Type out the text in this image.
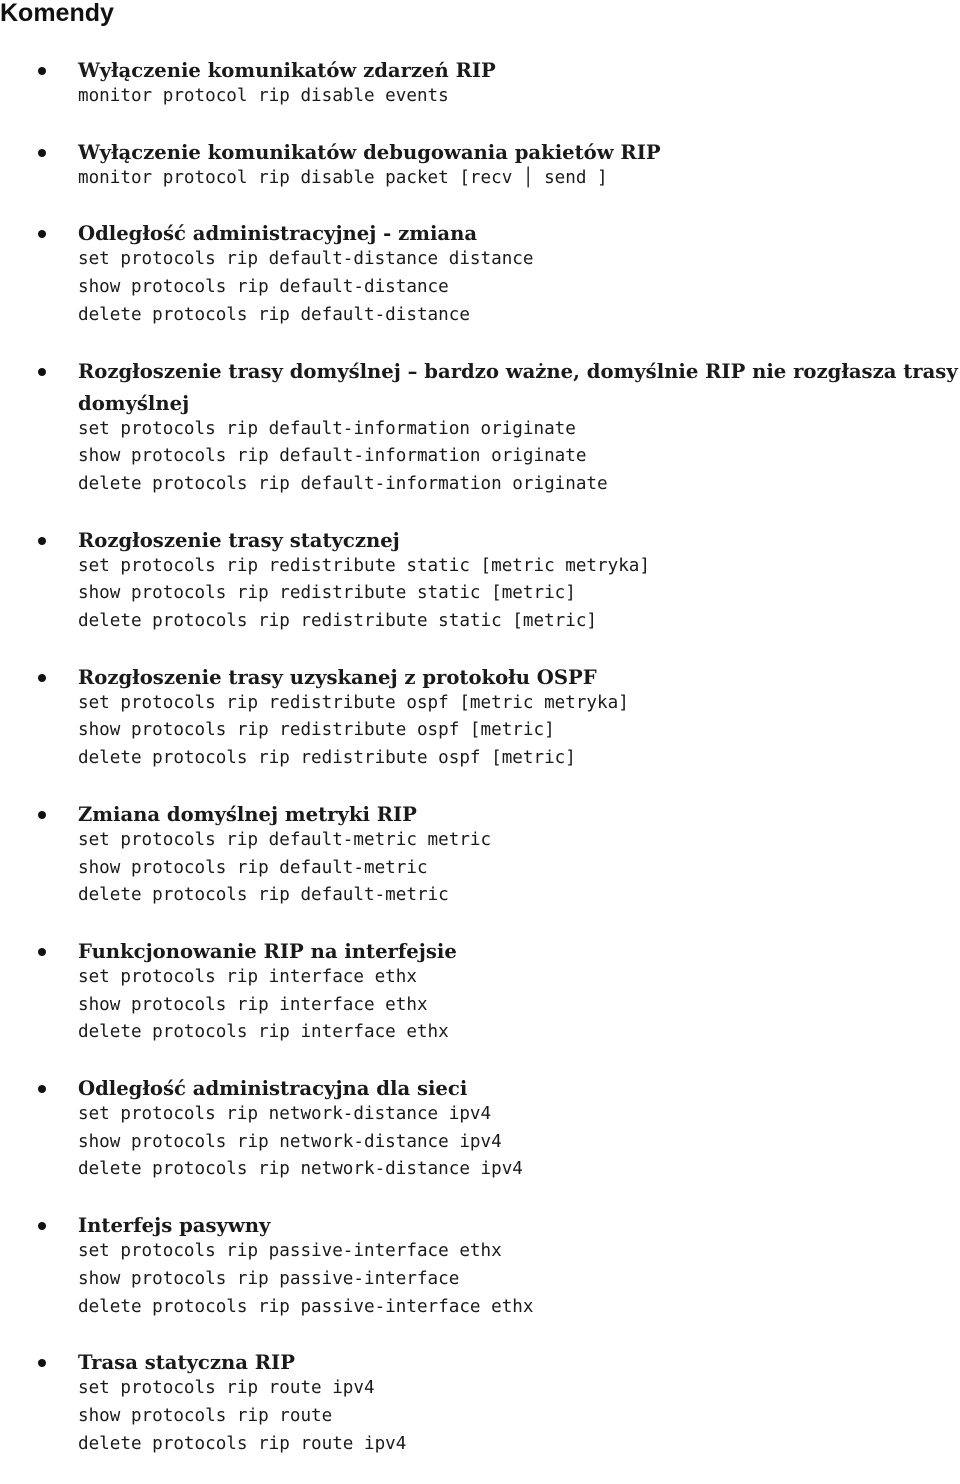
Komendy
Wyłączenie komunikatów zdarzeń RIP
monitor protocol rip disable events
Wyłączenie komunikatów debugowania pakietów RIP
monitor protocol rip disable packet [recv │ send ]
Odległość administracyjnej - zmiana
set protocols rip default-distance distance
show protocols rip default-distance
delete protocols rip default-distance
Rozgłoszenie trasy domyślnej – bardzo ważne, domyślnie RIP nie rozgłasza trasy domyślnej
set protocols rip default-information originate
show protocols rip default-information originate
delete protocols rip default-information originate
Rozgłoszenie trasy statycznej
set protocols rip redistribute static [metric metryka]
show protocols rip redistribute static [metric]
delete protocols rip redistribute static [metric]
Rozgłoszenie trasy uzyskanej z protokołu OSPF
set protocols rip redistribute ospf [metric metryka]
show protocols rip redistribute ospf [metric]
delete protocols rip redistribute ospf [metric]
Zmiana domyślnej metryki RIP
set protocols rip default-metric metric
show protocols rip default-metric
delete protocols rip default-metric
Funkcjonowanie RIP na interfejsie
set protocols rip interface ethx
show protocols rip interface ethx
delete protocols rip interface ethx
Odległość administracyjna dla sieci
set protocols rip network-distance ipv4
show protocols rip network-distance ipv4
delete protocols rip network-distance ipv4
Interfejs pasywny
set protocols rip passive-interface ethx
show protocols rip passive-interface
delete protocols rip passive-interface ethx
Trasa statyczna RIP
set protocols rip route ipv4
show protocols rip route
delete protocols rip route ipv4
